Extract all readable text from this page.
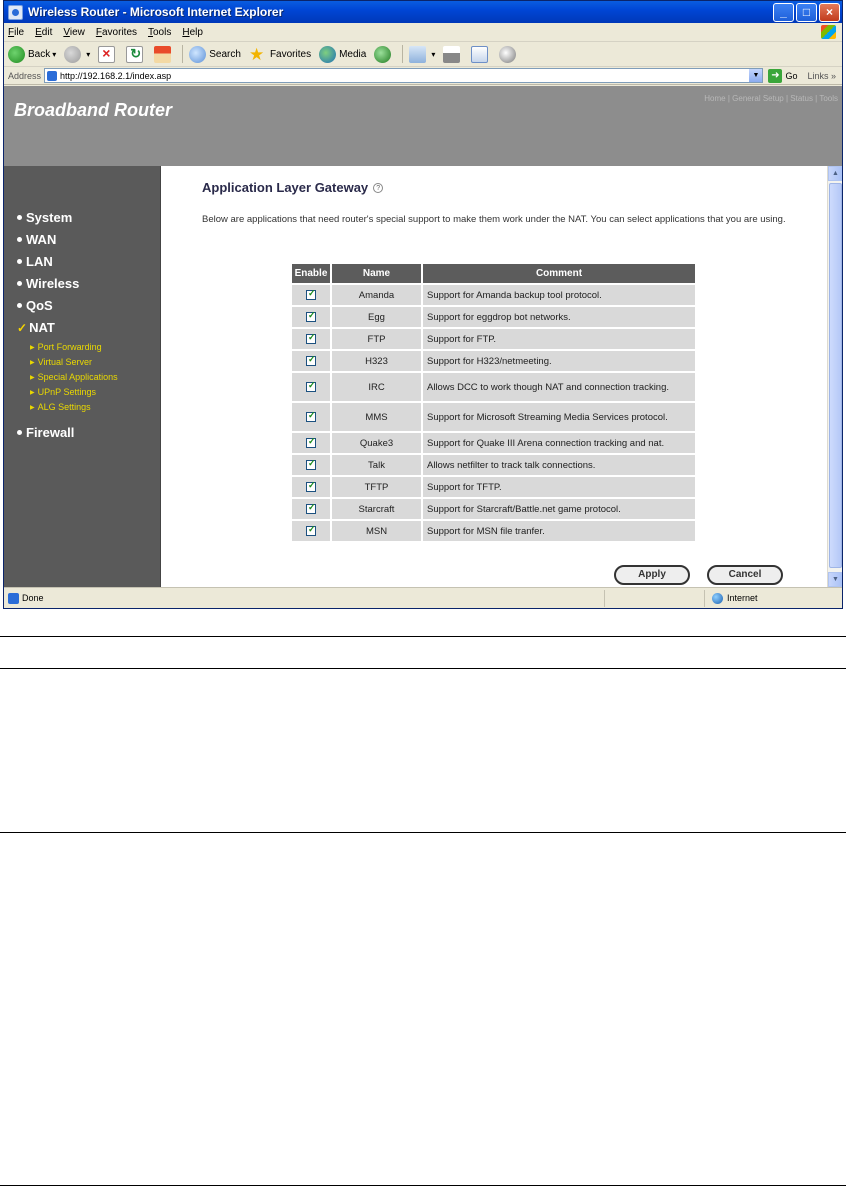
Wireless Router - Microsoft Internet Explorer	_	□	×
File Edit View Favorites Tools Help
Back ▾	▾ × ↻	Search ★ Favorites	Media	▾
Address http://192.168.2.1/index.asp	▼	➜ Go Links »
Broadband Router
Home | General Setup | Status | Tools
System
WAN
LAN
Wireless
QoS
✓ NAT
▶ Port Forwarding
▶ Virtual Server
▶ Special Applications
▶ UPnP Settings
▶ ALG Settings
Firewall
Application Layer Gateway	?
Below are applications that need router's special support to make them work under the NAT. You can select applications that you are using.
Enable	Name	Comment
✓	Amanda	Support for Amanda backup tool protocol.
✓	Egg	Support for eggdrop bot networks.
✓	FTP	Support for FTP.
✓	H323	Support for H323/netmeeting.
✓	IRC	Allows DCC to work though NAT and connection tracking.
✓	MMS	Support for Microsoft Streaming Media Services protocol.
✓	Quake3	Support for Quake III Arena connection tracking and nat.
✓	Talk	Allows netfilter to track talk connections.
✓	TFTP	Support for TFTP.
✓	Starcraft	Support for Starcraft/Battle.net game protocol.
✓	MSN	Support for MSN file tranfer.
Apply	Cancel
▲
▼
Done	Internet
